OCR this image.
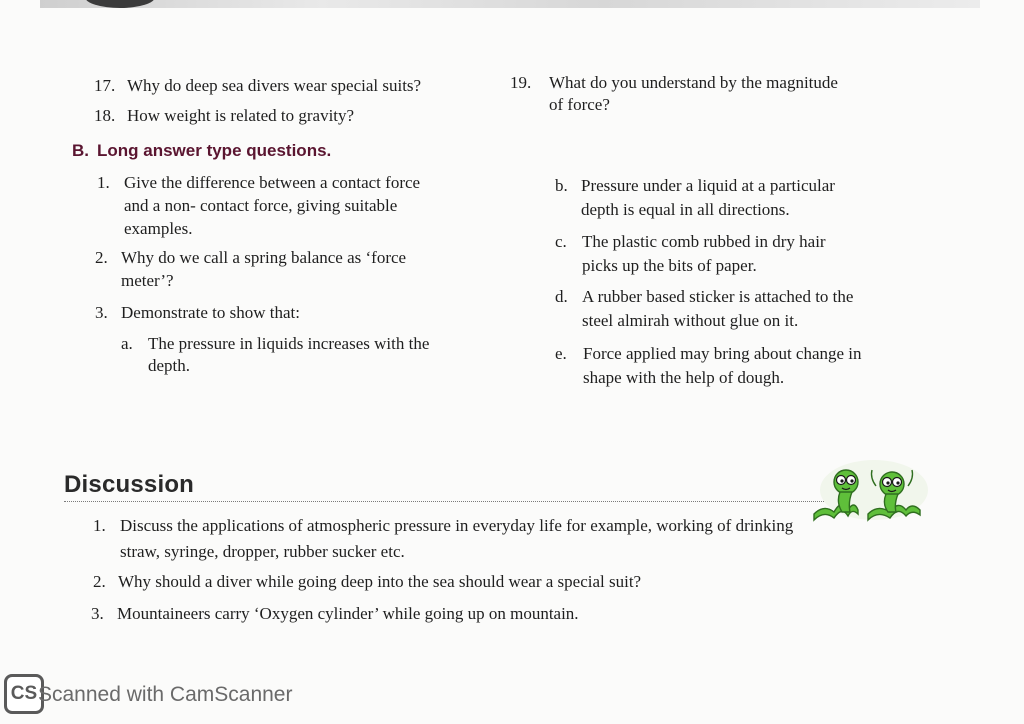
17. Why do deep sea divers wear special suits?
18. How weight is related to gravity?
19. What do you understand by the magnitude
of force?
B. Long answer type questions.
1. Give the difference between a contact force
and a non- contact force, giving suitable
examples.
2. Why do we call a spring balance as ‘force
meter’?
3. Demonstrate to show that:
a. The pressure in liquids increases with the
depth.
b. Pressure under a liquid at a particular
depth is equal in all directions.
c. The plastic comb rubbed in dry hair
picks up the bits of paper.
d. A rubber based sticker is attached to the
steel almirah without glue on it.
e. Force applied may bring about change in
shape with the help of dough.
Discussion
1. Discuss the applications of atmospheric pressure in everyday life for example, working of drinking
straw, syringe, dropper, rubber sucker etc.
2. Why should a diver while going deep into the sea should wear a special suit?
3. Mountaineers carry ‘Oxygen cylinder’ while going up on mountain.
CS Scanned with CamScanner
